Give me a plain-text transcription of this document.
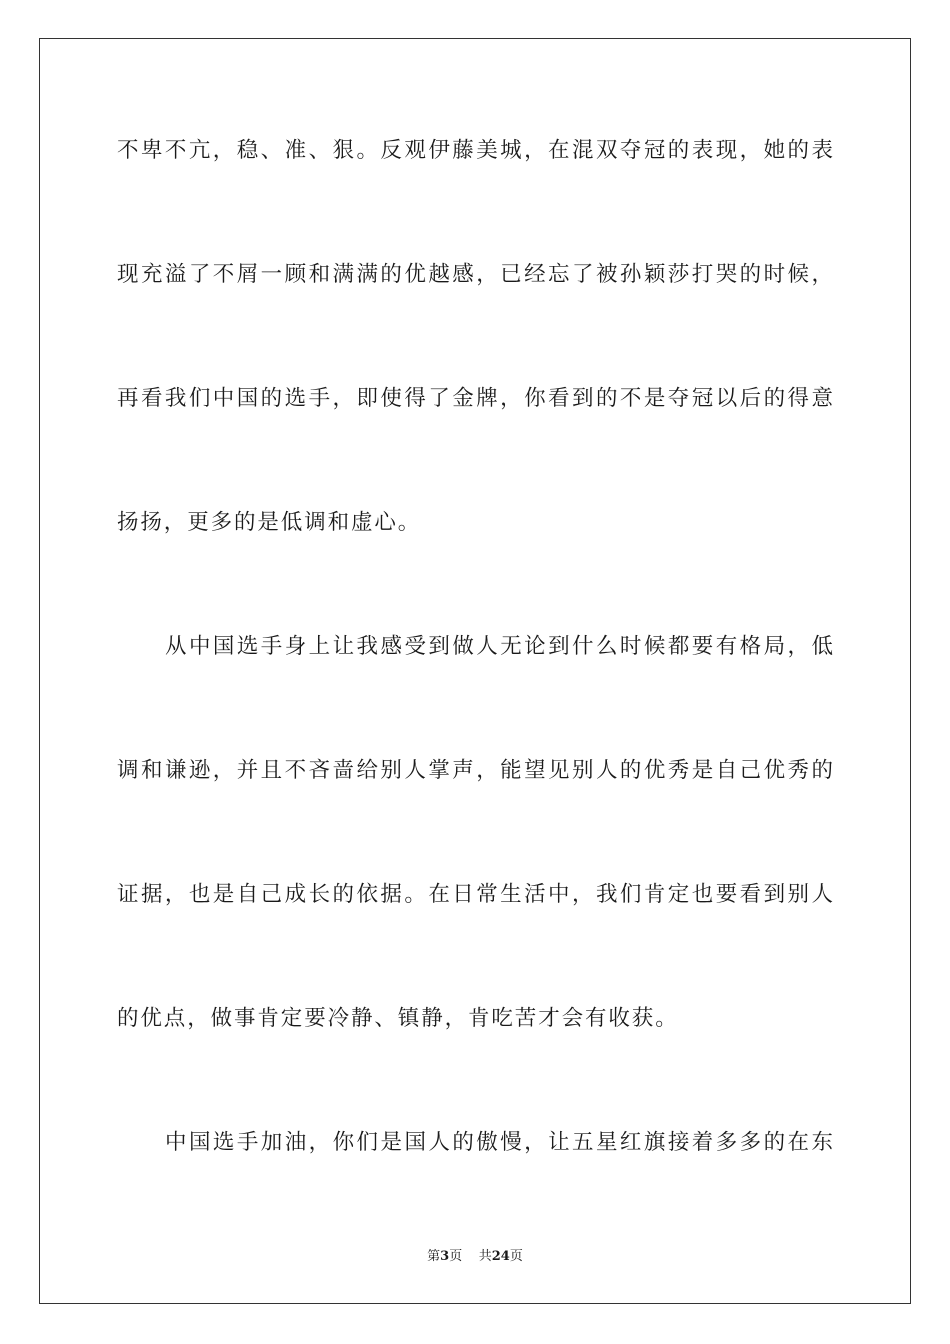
不卑不亢，稳、准、狠。反观伊藤美城，在混双夺冠的表现，她的表
现充溢了不屑一顾和满满的优越感，已经忘了被孙颖莎打哭的时候，
再看我们中国的选手，即使得了金牌，你看到的不是夺冠以后的得意
扬扬，更多的是低调和虚心。
从中国选手身上让我感受到做人无论到什么时候都要有格局，低
调和谦逊，并且不吝啬给别人掌声，能望见别人的优秀是自己优秀的
证据，也是自己成长的依据。在日常生活中，我们肯定也要看到别人
的优点，做事肯定要冷静、镇静，肯吃苦才会有收获。
中国选手加油，你们是国人的傲慢，让五星红旗接着多多的在东
第3页 共24页
